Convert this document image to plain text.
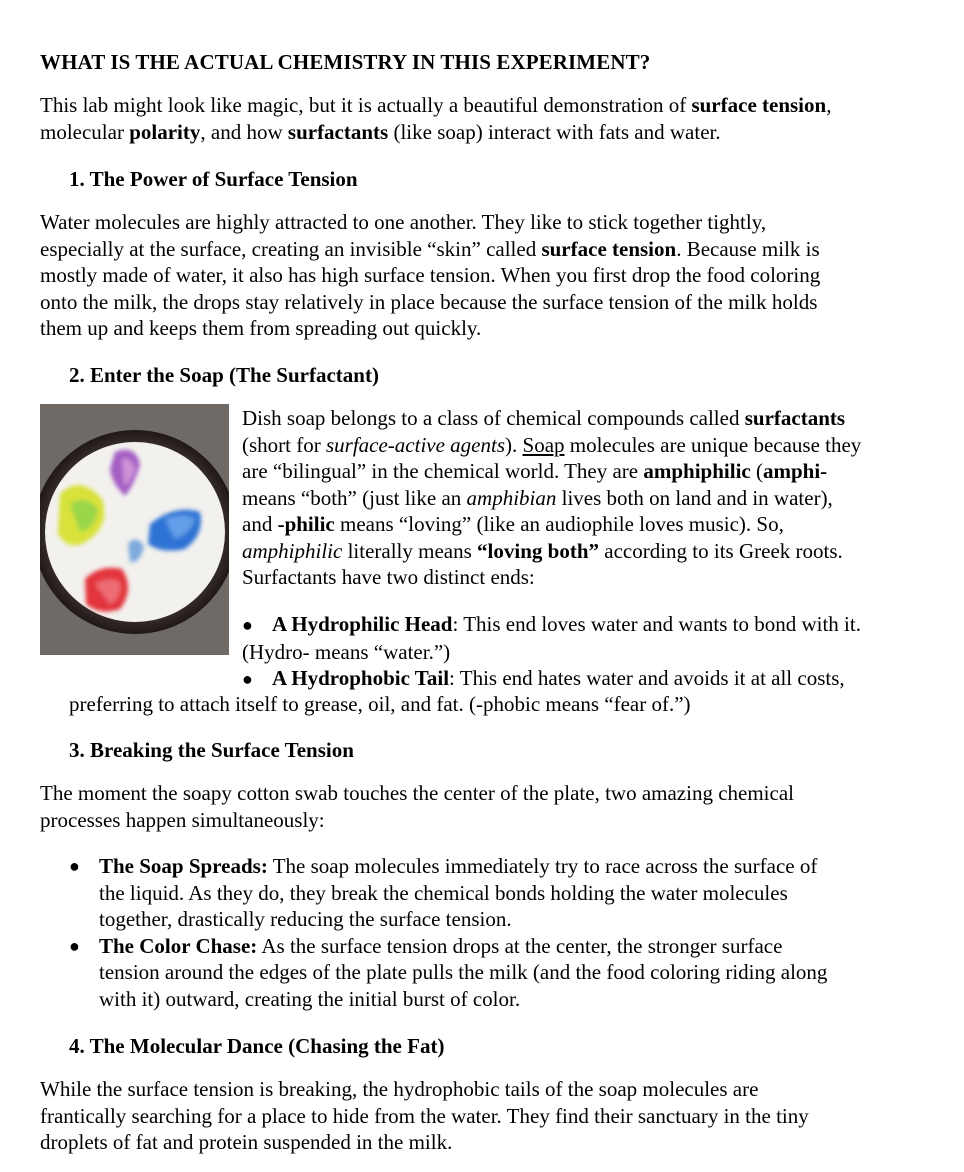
WHAT IS THE ACTUAL CHEMISTRY IN THIS EXPERIMENT?
This lab might look like magic, but it is actually a beautiful demonstration of surface tension,
molecular polarity, and how surfactants (like soap) interact with fats and water.
1. The Power of Surface Tension
Water molecules are highly attracted to one another. They like to stick together tightly,
especially at the surface, creating an invisible “skin” called surface tension. Because milk is
mostly made of water, it also has high surface tension. When you first drop the food coloring
onto the milk, the drops stay relatively in place because the surface tension of the milk holds
them up and keeps them from spreading out quickly.
2. Enter the Soap (The Surfactant)
Dish soap belongs to a class of chemical compounds called surfactants
(short for surface-active agents). Soap molecules are unique because they
are “bilingual” in the chemical world. They are amphiphilic (amphi-
means “both” (just like an amphibian lives both on land and in water),
and -philic means “loving” (like an audiophile loves music). So,
amphiphilic literally means “loving both” according to its Greek roots.
Surfactants have two distinct ends:
● A Hydrophilic Head: This end loves water and wants to bond with it.
(Hydro- means “water.”)
● A Hydrophobic Tail: This end hates water and avoids it at all costs,
preferring to attach itself to grease, oil, and fat. (-phobic means “fear of.”)
3. Breaking the Surface Tension
The moment the soapy cotton swab touches the center of the plate, two amazing chemical
processes happen simultaneously:
● The Soap Spreads: The soap molecules immediately try to race across the surface of
the liquid. As they do, they break the chemical bonds holding the water molecules
together, drastically reducing the surface tension.
● The Color Chase: As the surface tension drops at the center, the stronger surface
tension around the edges of the plate pulls the milk (and the food coloring riding along
with it) outward, creating the initial burst of color.
4. The Molecular Dance (Chasing the Fat)
While the surface tension is breaking, the hydrophobic tails of the soap molecules are
frantically searching for a place to hide from the water. They find their sanctuary in the tiny
droplets of fat and protein suspended in the milk.
